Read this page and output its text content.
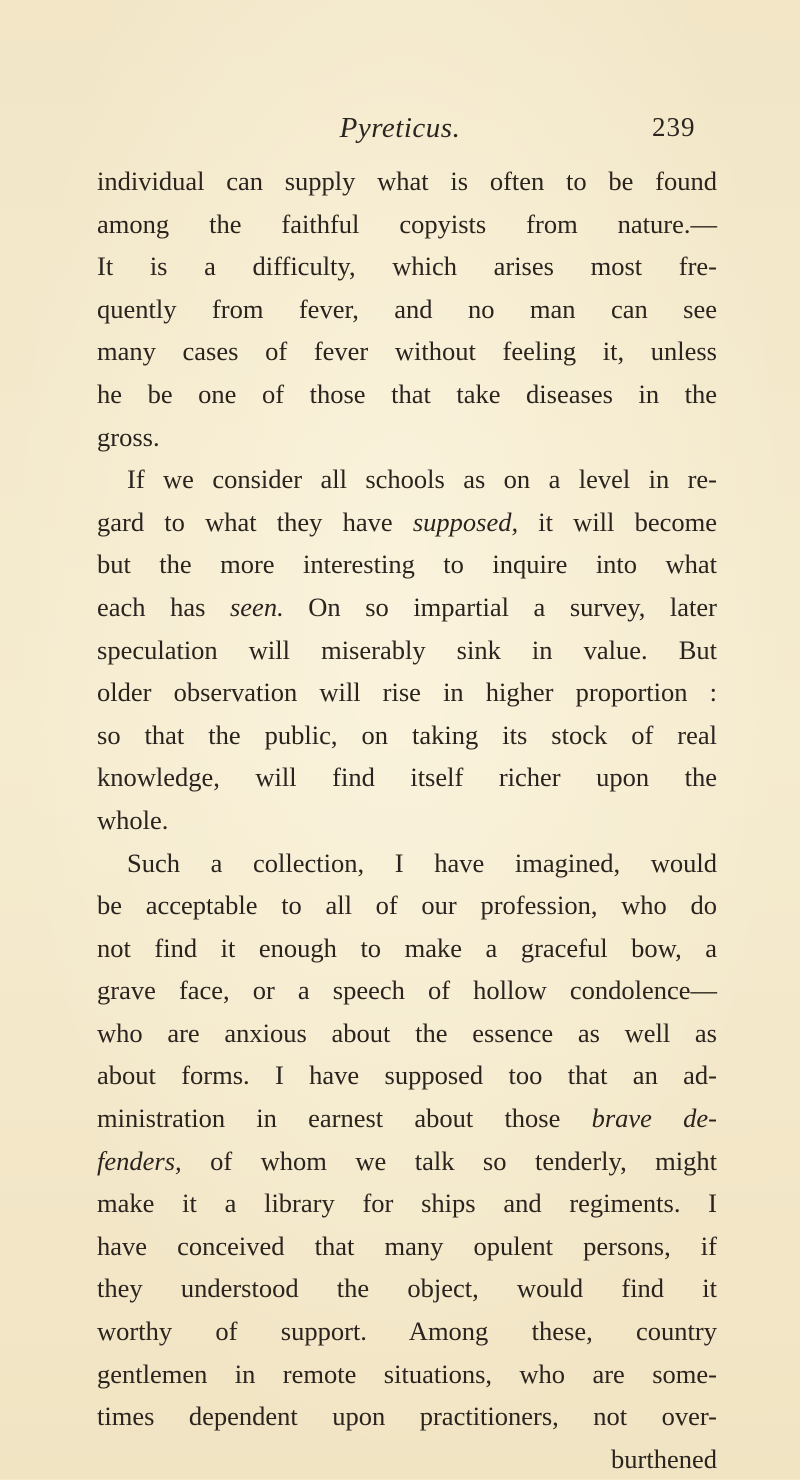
Pyreticus.	239
individual can supply what is often to be found
among the faithful copyists from nature.—
It is a difficulty, which arises most fre-
quently from fever, and no man can see
many cases of fever without feeling it, unless
he be one of those that take diseases in the
gross.
If we consider all schools as on a level in re-
gard to what they have supposed, it will become
but the more interesting to inquire into what
each has seen. On so impartial a survey, later
speculation will miserably sink in value. But
older observation will rise in higher proportion :
so that the public, on taking its stock of real
knowledge, will find itself richer upon the
whole.
Such a collection, I have imagined, would
be acceptable to all of our profession, who do
not find it enough to make a graceful bow, a
grave face, or a speech of hollow condolence—
who are anxious about the essence as well as
about forms. I have supposed too that an ad-
ministration in earnest about those brave de-
fenders, of whom we talk so tenderly, might
make it a library for ships and regiments. I
have conceived that many opulent persons, if
they understood the object, would find it
worthy of support. Among these, country
gentlemen in remote situations, who are some-
times dependent upon practitioners, not over-
burthened
